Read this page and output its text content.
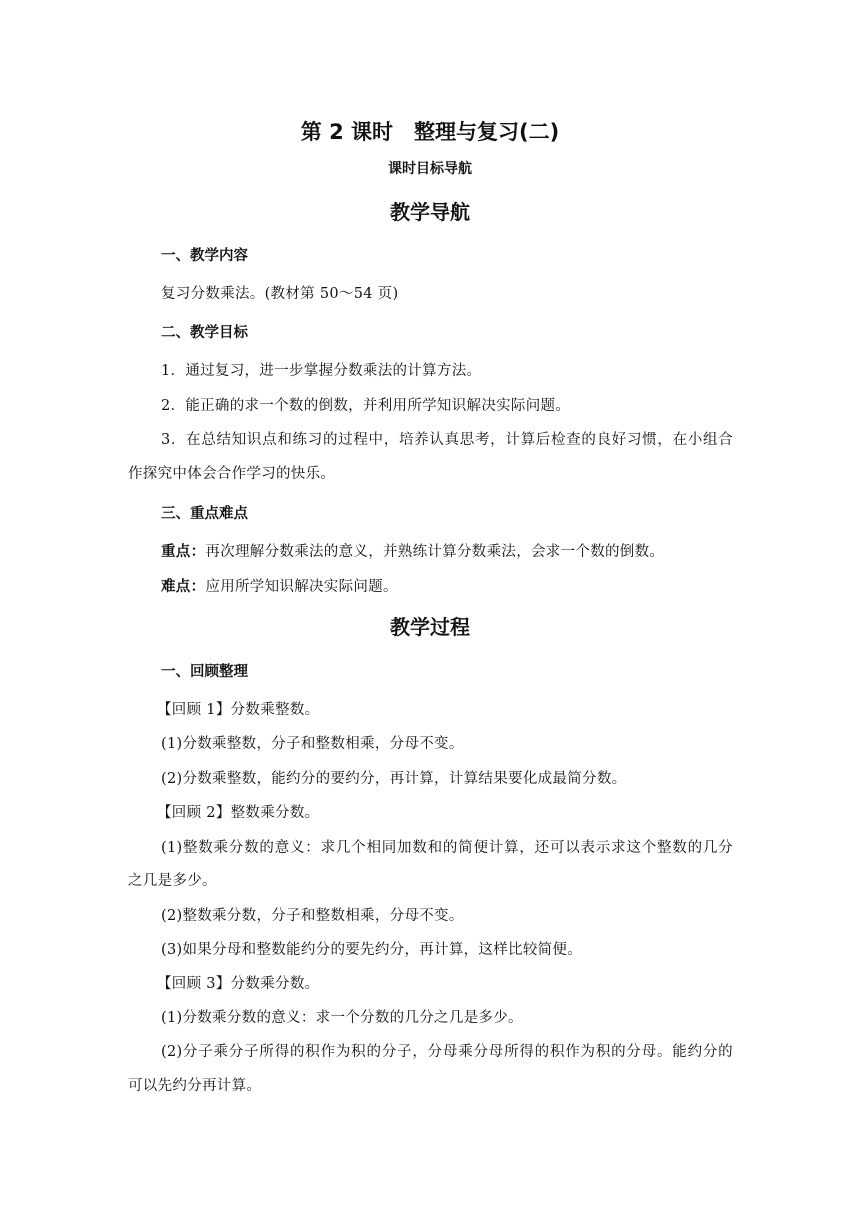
第 2 课时　整理与复习(二)
课时目标导航
教学导航
一、教学内容
复习分数乘法。(教材第 50～54 页)
二、教学目标
1．通过复习，进一步掌握分数乘法的计算方法。
2．能正确的求一个数的倒数，并利用所学知识解决实际问题。
3．在总结知识点和练习的过程中，培养认真思考，计算后检查的良好习惯，在小组合
作探究中体会合作学习的快乐。
三、重点难点
重点：再次理解分数乘法的意义，并熟练计算分数乘法，会求一个数的倒数。
难点：应用所学知识解决实际问题。
教学过程
一、回顾整理
【回顾 1】分数乘整数。
(1)分数乘整数，分子和整数相乘，分母不变。
(2)分数乘整数，能约分的要约分，再计算，计算结果要化成最简分数。
【回顾 2】整数乘分数。
(1)整数乘分数的意义：求几个相同加数和的简便计算，还可以表示求这个整数的几分
之几是多少。
(2)整数乘分数，分子和整数相乘，分母不变。
(3)如果分母和整数能约分的要先约分，再计算，这样比较简便。
【回顾 3】分数乘分数。
(1)分数乘分数的意义：求一个分数的几分之几是多少。
(2)分子乘分子所得的积作为积的分子，分母乘分母所得的积作为积的分母。能约分的
可以先约分再计算。
